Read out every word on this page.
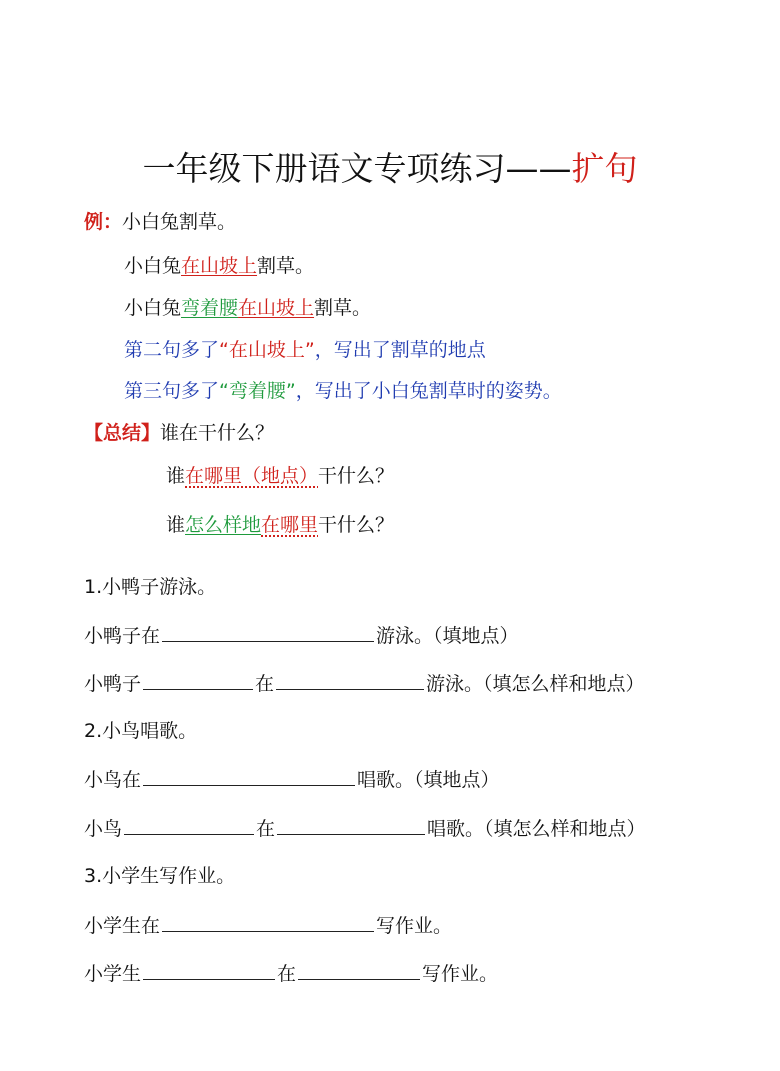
一年级下册语文专项练习——扩句
例：小白兔割草。
小白兔在山坡上割草。
小白兔弯着腰在山坡上割草。
第二句多了“在山坡上”，写出了割草的地点
第三句多了“弯着腰”，写出了小白兔割草时的姿势。
【总结】谁在干什么？
谁在哪里（地点）干什么？
谁怎么样地在哪里干什么？
1.小鸭子游泳。
小鸭子在	游泳。（填地点）
小鸭子	在	游泳。（填怎么样和地点）
2.小鸟唱歌。
小鸟在	唱歌。（填地点）
小鸟	在	唱歌。（填怎么样和地点）
3.小学生写作业。
小学生在	写作业。
小学生	在	写作业。
